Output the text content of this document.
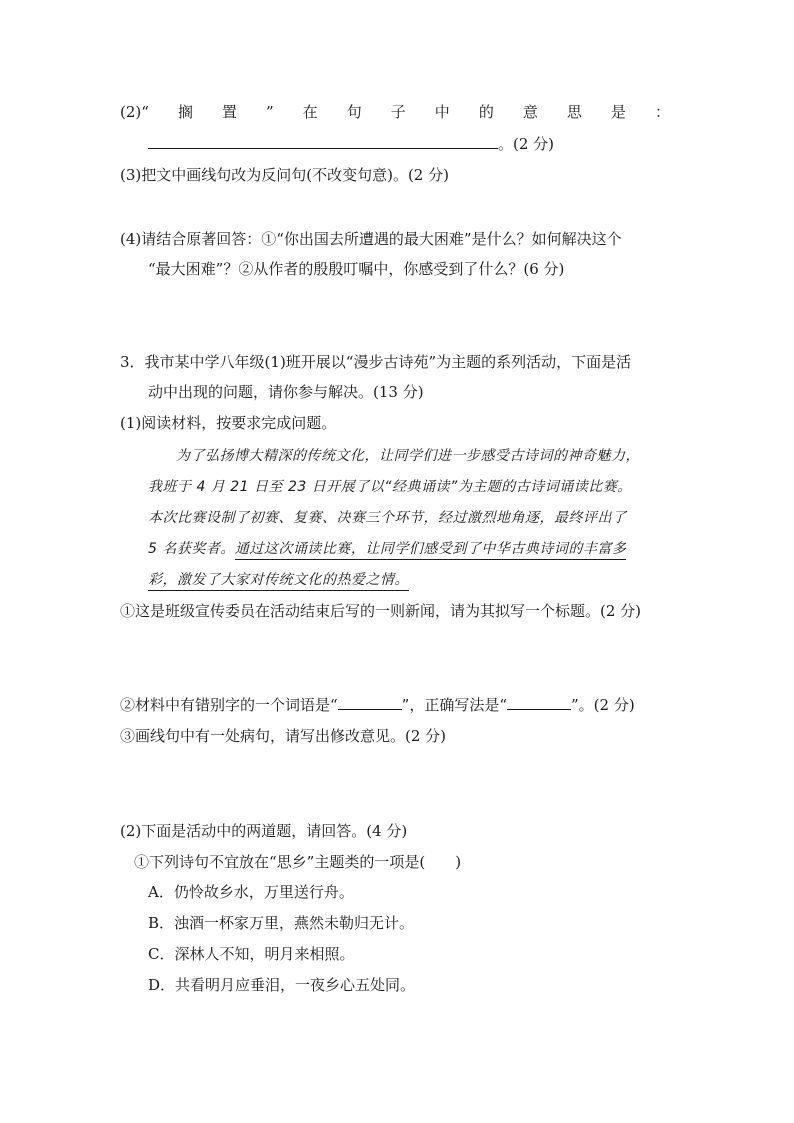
(2)“ 搁 置 ” 在 句 子 中 的 意 思 是 ：
。(2 分)
(3)把文中画线句改为反问句(不改变句意)。(2 分)
(4)请结合原著回答：①“你出国去所遭遇的最大困难”是什么？如何解决这个
“最大困难”？②从作者的殷殷叮嘱中，你感受到了什么？(6 分)
3．我市某中学八年级(1)班开展以“漫步古诗苑”为主题的系列活动，下面是活
动中出现的问题，请你参与解决。(13 分)
(1)阅读材料，按要求完成问题。
为了弘扬博大精深的传统文化，让同学们进一步感受古诗词的神奇魅力，
我班于 4 月 21 日至 23 日开展了以“经典诵读”为主题的古诗词诵读比赛。
本次比赛设制了初赛、复赛、决赛三个环节，经过激烈地角逐，最终评出了
5 名获奖者。通过这次诵读比赛，让同学们感受到了中华古典诗词的丰富多
彩，激发了大家对传统文化的热爱之情。
①这是班级宣传委员在活动结束后写的一则新闻，请为其拟写一个标题。(2 分)
②材料中有错别字的一个词语是“	”，正确写法是“	”。(2 分)
③画线句中有一处病句，请写出修改意见。(2 分)
(2)下面是活动中的两道题，请回答。(4 分)
①下列诗句不宜放在“思乡”主题类的一项是(　　)
A．仍怜故乡水，万里送行舟。
B．浊酒一杯家万里，燕然未勒归无计。
C．深林人不知，明月来相照。
D．共看明月应垂泪，一夜乡心五处同。
